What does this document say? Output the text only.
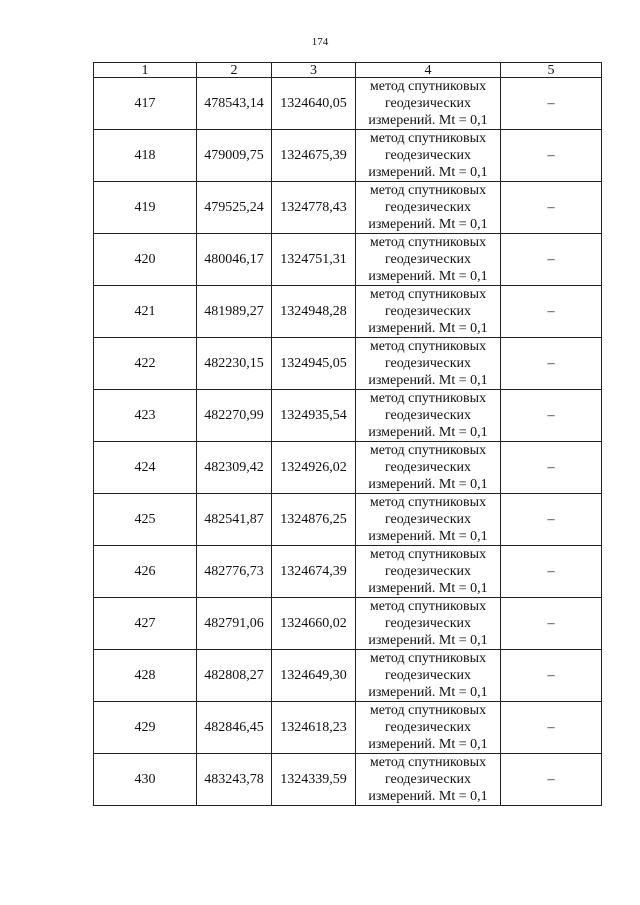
174
1	2	3	4	5
417	478543,14	1324640,05	метод спутниковых
геодезических
измерений. Mt = 0,1	–
418	479009,75	1324675,39	метод спутниковых
геодезических
измерений. Mt = 0,1	–
419	479525,24	1324778,43	метод спутниковых
геодезических
измерений. Mt = 0,1	–
420	480046,17	1324751,31	метод спутниковых
геодезических
измерений. Mt = 0,1	–
421	481989,27	1324948,28	метод спутниковых
геодезических
измерений. Mt = 0,1	–
422	482230,15	1324945,05	метод спутниковых
геодезических
измерений. Mt = 0,1	–
423	482270,99	1324935,54	метод спутниковых
геодезических
измерений. Mt = 0,1	–
424	482309,42	1324926,02	метод спутниковых
геодезических
измерений. Mt = 0,1	–
425	482541,87	1324876,25	метод спутниковых
геодезических
измерений. Mt = 0,1	–
426	482776,73	1324674,39	метод спутниковых
геодезических
измерений. Mt = 0,1	–
427	482791,06	1324660,02	метод спутниковых
геодезических
измерений. Mt = 0,1	–
428	482808,27	1324649,30	метод спутниковых
геодезических
измерений. Mt = 0,1	–
429	482846,45	1324618,23	метод спутниковых
геодезических
измерений. Mt = 0,1	–
430	483243,78	1324339,59	метод спутниковых
геодезических
измерений. Mt = 0,1	–
